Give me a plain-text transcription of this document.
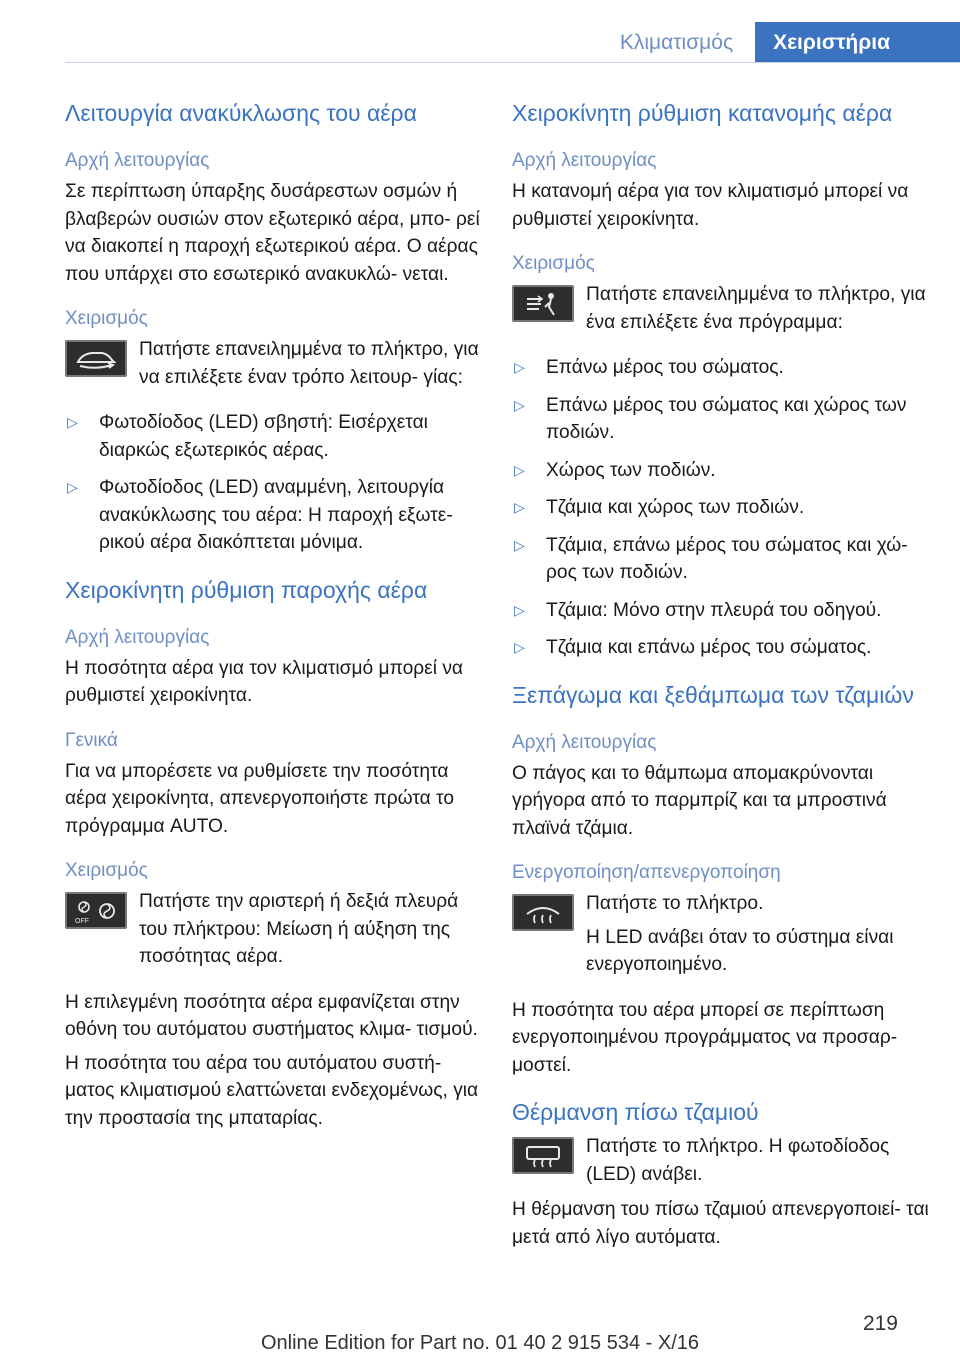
Κλιματισμός	Χειριστήρια
Λειτουργία ανακύκλωσης του αέρα
Αρχή λειτουργίας
Σε περίπτωση ύπαρξης δυσάρεστων οσμών ή βλαβερών ουσιών στον εξωτερικό αέρα, μπο‐ ρεί να διακοπεί η παροχή εξωτερικού αέρα. Ο αέρας που υπάρχει στο εσωτερικό ανακυκλώ‐ νεται.
Χειρισμός
Πατήστε επανειλημμένα το πλήκτρο, για να επιλέξετε έναν τρόπο λειτουρ‐ γίας:
▷ Φωτοδίοδος (LED) σβηστή: Εισέρχεται διαρκώς εξωτερικός αέρας.
▷ Φωτοδίοδος (LED) αναμμένη, λειτουργία ανακύκλωσης του αέρα: Η παροχή εξωτε‐ ρικού αέρα διακόπτεται μόνιμα.
Χειροκίνητη ρύθμιση παροχής αέρα
Αρχή λειτουργίας
Η ποσότητα αέρα για τον κλιματισμό μπορεί να ρυθμιστεί χειροκίνητα.
Γενικά
Για να μπορέσετε να ρυθμίσετε την ποσότητα αέρα χειροκίνητα, απενεργοποιήστε πρώτα το πρόγραμμα AUTO.
Χειρισμός
OFF
Πατήστε την αριστερή ή δεξιά πλευρά του πλήκτρου: Μείωση ή αύξηση της ποσότητας αέρα.
Η επιλεγμένη ποσότητα αέρα εμφανίζεται στην οθόνη του αυτόματου συστήματος κλιμα‐ τισμού.
Η ποσότητα του αέρα του αυτόματου συστή‐ ματος κλιματισμού ελαττώνεται ενδεχομένως, για την προστασία της μπαταρίας.
Χειροκίνητη ρύθμιση κατανομής αέρα
Αρχή λειτουργίας
Η κατανομή αέρα για τον κλιματισμό μπορεί να ρυθμιστεί χειροκίνητα.
Χειρισμός
Πατήστε επανειλημμένα το πλήκτρο, για ένα επιλέξετε ένα πρόγραμμα:
▷ Επάνω μέρος του σώματος.
▷ Επάνω μέρος του σώματος και χώρος των ποδιών.
▷ Χώρος των ποδιών.
▷ Τζάμια και χώρος των ποδιών.
▷ Τζάμια, επάνω μέρος του σώματος και χώ‐ ρος των ποδιών.
▷ Τζάμια: Μόνο στην πλευρά του οδηγού.
▷ Τζάμια και επάνω μέρος του σώματος.
Ξεπάγωμα και ξεθάμπωμα των τζαμιών
Αρχή λειτουργίας
Ο πάγος και το θάμπωμα απομακρύνονται γρήγορα από το παρμπρίζ και τα μπροστινά πλαϊνά τζάμια.
Ενεργοποίηση/απενεργοποίηση
Πατήστε το πλήκτρο.
Η LED ανάβει όταν το σύστημα είναι ενεργοποιημένο.
Η ποσότητα του αέρα μπορεί σε περίπτωση ενεργοποιημένου προγράμματος να προσαρ‐ μοστεί.
Θέρμανση πίσω τζαμιού
Πατήστε το πλήκτρο. Η φωτοδίοδος (LED) ανάβει.
Η θέρμανση του πίσω τζαμιού απενεργοποιεί‐ ται μετά από λίγο αυτόματα.
219
Online Edition for Part no. 01 40 2 915 534 - X/16
